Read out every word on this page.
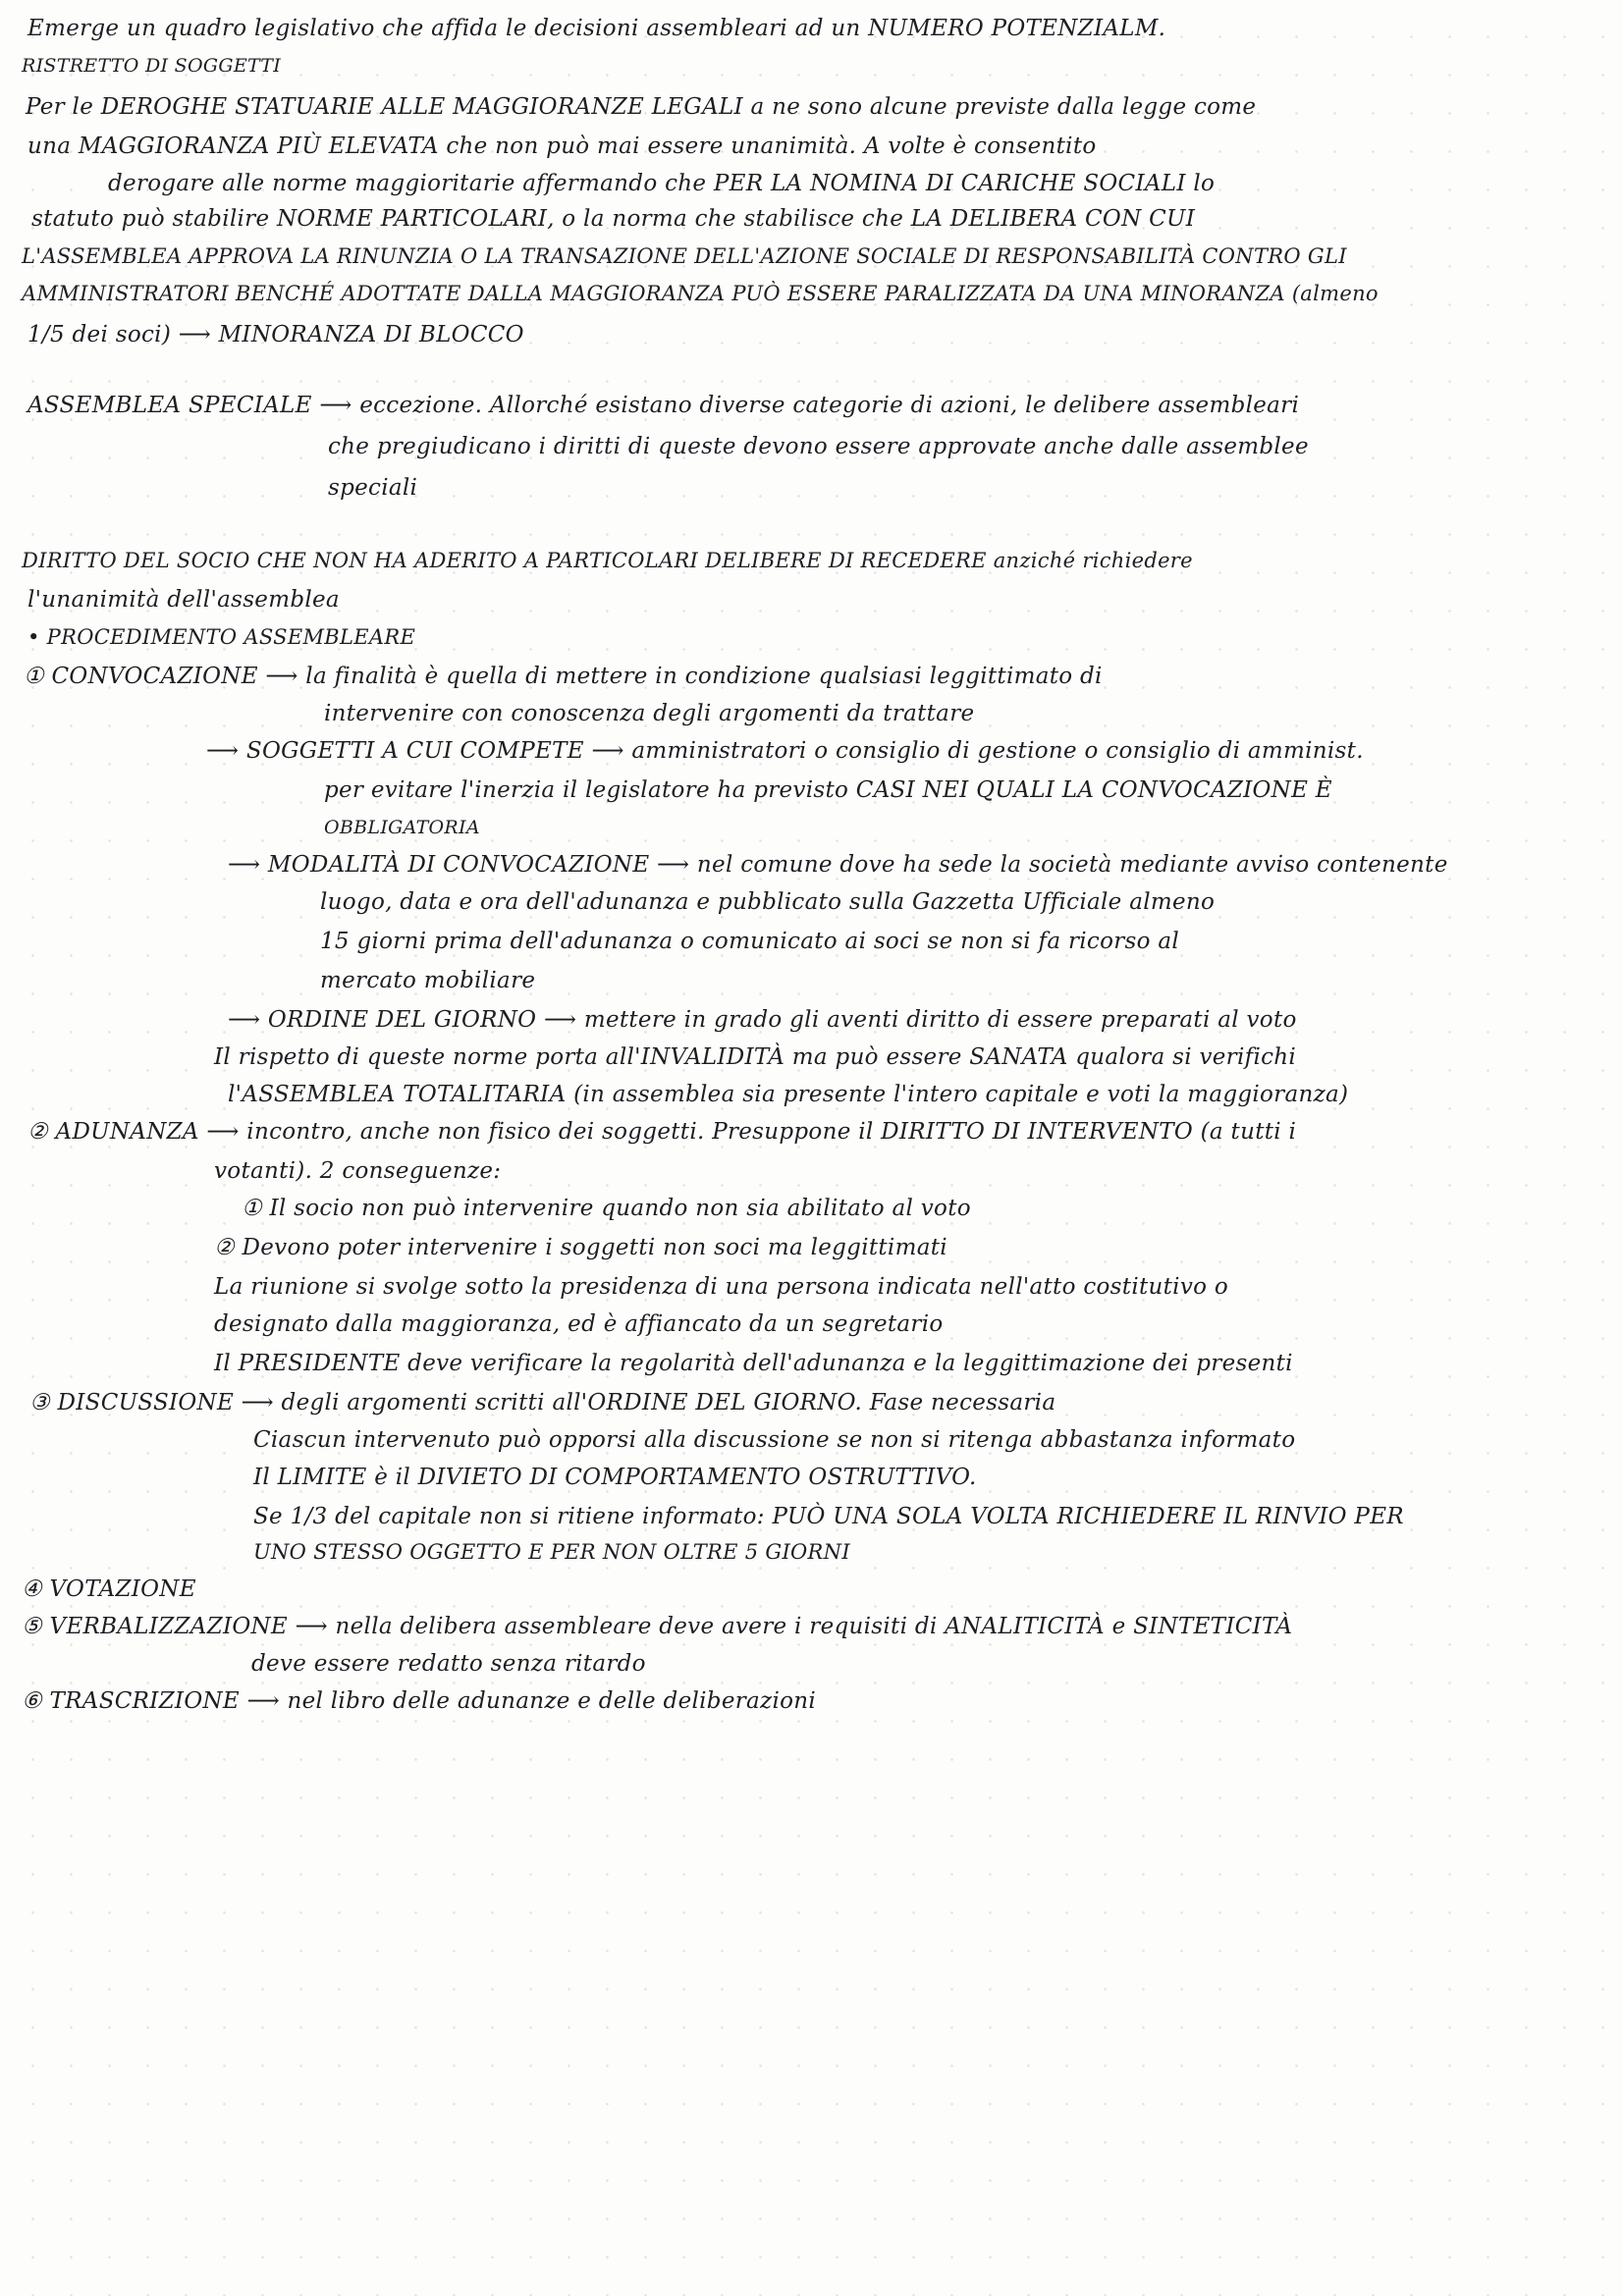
Emerge un quadro legislativo che affida le decisioni assembleari ad un NUMERO POTENZIALM.
RISTRETTO DI SOGGETTI
Per le DEROGHE STATUARIE ALLE MAGGIORANZE LEGALI a ne sono alcune previste dalla legge come
una MAGGIORANZA PIÙ ELEVATA che non può mai essere unanimità. A volte è consentito
derogare alle norme maggioritarie affermando che PER LA NOMINA DI CARICHE SOCIALI lo
statuto può stabilire NORME PARTICOLARI, o la norma che stabilisce che LA DELIBERA CON CUI
L'ASSEMBLEA APPROVA LA RINUNZIA O LA TRANSAZIONE DELL'AZIONE SOCIALE DI RESPONSABILITÀ CONTRO GLI
AMMINISTRATORI BENCHÉ ADOTTATE DALLA MAGGIORANZA PUÒ ESSERE PARALIZZATA DA UNA MINORANZA (almeno
1/5 dei soci) ⟶ MINORANZA DI BLOCCO
ASSEMBLEA SPECIALE ⟶ eccezione. Allorché esistano diverse categorie di azioni, le delibere assembleari
che pregiudicano i diritti di queste devono essere approvate anche dalle assemblee
speciali
DIRITTO DEL SOCIO CHE NON HA ADERITO A PARTICOLARI DELIBERE DI RECEDERE anziché richiedere
l'unanimità dell'assemblea
• PROCEDIMENTO ASSEMBLEARE
① CONVOCAZIONE ⟶ la finalità è quella di mettere in condizione qualsiasi leggittimato di
intervenire con conoscenza degli argomenti da trattare
⟶ SOGGETTI A CUI COMPETE ⟶ amministratori o consiglio di gestione o consiglio di amminist.
per evitare l'inerzia il legislatore ha previsto CASI NEI QUALI LA CONVOCAZIONE È
OBBLIGATORIA
⟶ MODALITÀ DI CONVOCAZIONE ⟶ nel comune dove ha sede la società mediante avviso contenente
luogo, data e ora dell'adunanza e pubblicato sulla Gazzetta Ufficiale almeno
15 giorni prima dell'adunanza o comunicato ai soci se non si fa ricorso al
mercato mobiliare
⟶ ORDINE DEL GIORNO ⟶ mettere in grado gli aventi diritto di essere preparati al voto
Il rispetto di queste norme porta all'INVALIDITÀ ma può essere SANATA qualora si verifichi
l'ASSEMBLEA TOTALITARIA (in assemblea sia presente l'intero capitale e voti la maggioranza)
② ADUNANZA ⟶ incontro, anche non fisico dei soggetti. Presuppone il DIRITTO DI INTERVENTO (a tutti i
votanti). 2 conseguenze:
① Il socio non può intervenire quando non sia abilitato al voto
② Devono poter intervenire i soggetti non soci ma leggittimati
La riunione si svolge sotto la presidenza di una persona indicata nell'atto costitutivo o
designato dalla maggioranza, ed è affiancato da un segretario
Il PRESIDENTE deve verificare la regolarità dell'adunanza e la leggittimazione dei presenti
③ DISCUSSIONE ⟶ degli argomenti scritti all'ORDINE DEL GIORNO. Fase necessaria
Ciascun intervenuto può opporsi alla discussione se non si ritenga abbastanza informato
Il LIMITE è il DIVIETO DI COMPORTAMENTO OSTRUTTIVO.
Se 1/3 del capitale non si ritiene informato: PUÒ UNA SOLA VOLTA RICHIEDERE IL RINVIO PER
UNO STESSO OGGETTO E PER NON OLTRE 5 GIORNI
④ VOTAZIONE
⑤ VERBALIZZAZIONE ⟶ nella delibera assembleare deve avere i requisiti di ANALITICITÀ e SINTETICITÀ
deve essere redatto senza ritardo
⑥ TRASCRIZIONE ⟶ nel libro delle adunanze e delle deliberazioni
